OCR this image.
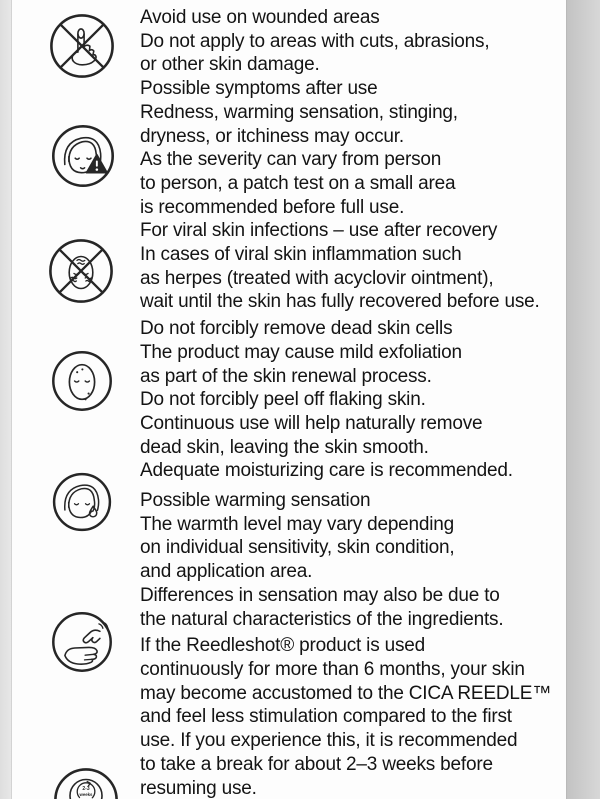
2-3
weeks
Avoid use on wounded areas
Do not apply to areas with cuts, abrasions,
or other skin damage.
Possible symptoms after use
Redness, warming sensation, stinging,
dryness, or itchiness may occur.
As the severity can vary from person
to person, a patch test on a small area
is recommended before full use.
For viral skin infections – use after recovery
In cases of viral skin inflammation such
as herpes (treated with acyclovir ointment),
wait until the skin has fully recovered before use.
Do not forcibly remove dead skin cells
The product may cause mild exfoliation
as part of the skin renewal process.
Do not forcibly peel off flaking skin.
Continuous use will help naturally remove
dead skin, leaving the skin smooth.
Adequate moisturizing care is recommended.
Possible warming sensation
The warmth level may vary depending
on individual sensitivity, skin condition,
and application area.
Differences in sensation may also be due to
the natural characteristics of the ingredients.
If the Reedleshot® product is used
continuously for more than 6 months, your skin
may become accustomed to the CICA REEDLE™
and feel less stimulation compared to the first
use. If you experience this, it is recommended
to take a break for about 2–3 weeks before
resuming use.
